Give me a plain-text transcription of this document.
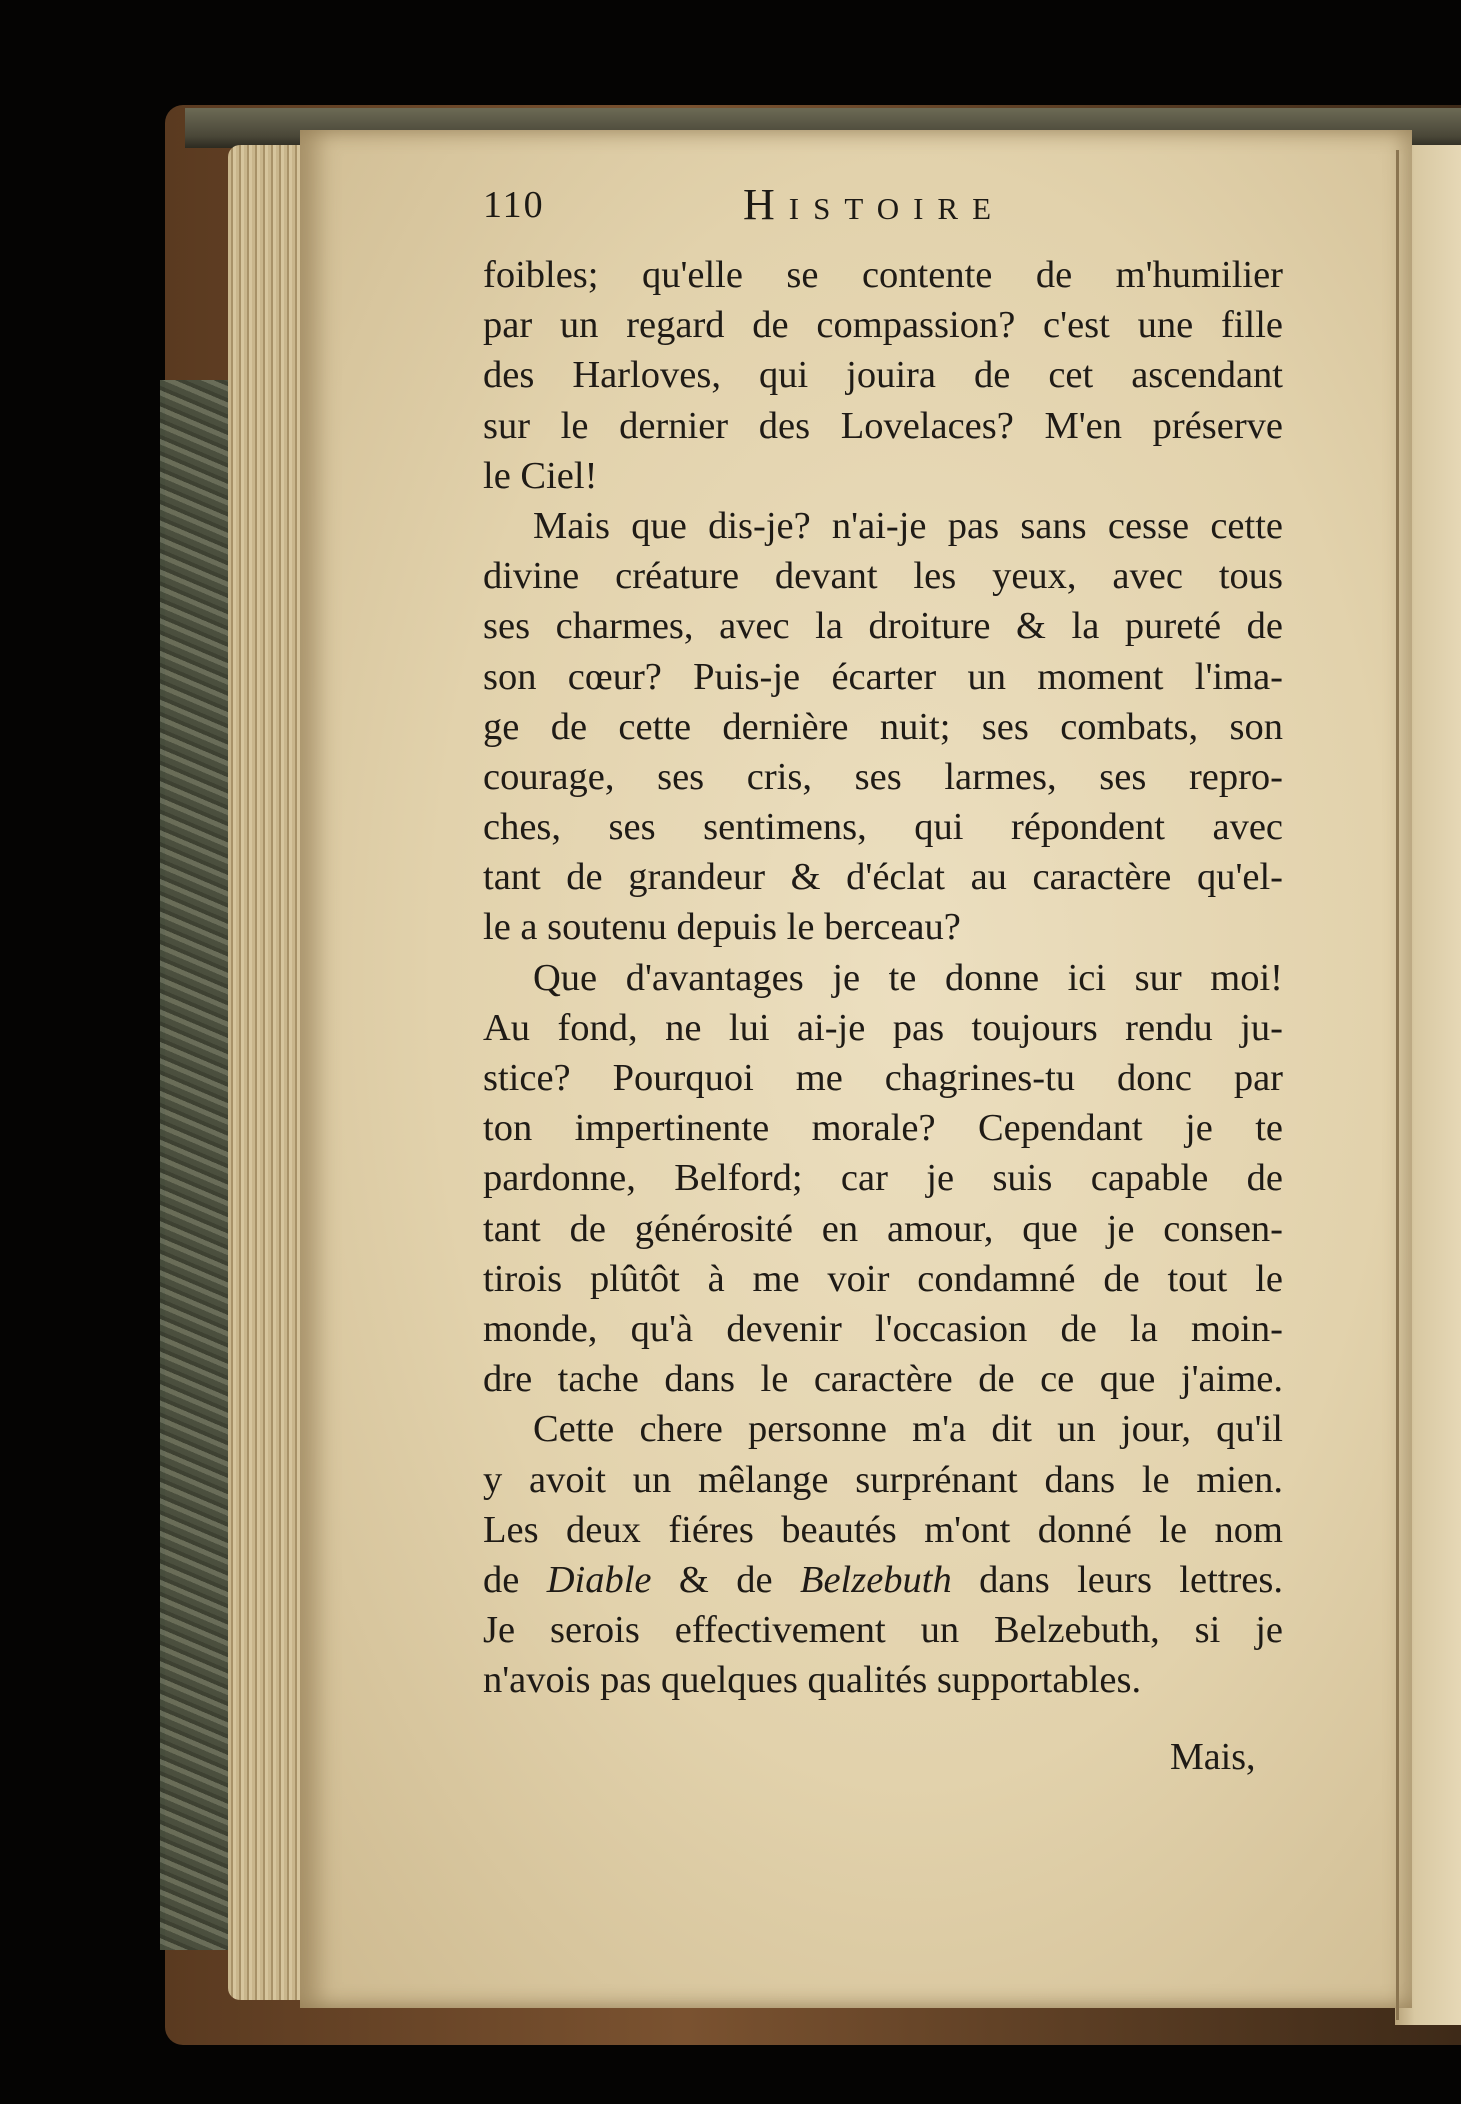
110	Histoire
foibles; qu'elle se contente de m'humilier
par un regard de compassion? c'est une fille
des Harloves, qui jouira de cet ascendant
sur le dernier des Lovelaces? M'en préserve
le Ciel!
Mais que dis-je? n'ai-je pas sans cesse cette
divine créature devant les yeux, avec tous
ses charmes, avec la droiture & la pureté de
son cœur? Puis-je écarter un moment l'ima-
ge de cette dernière nuit; ses combats, son
courage, ses cris, ses larmes, ses repro-
ches, ses sentimens, qui répondent avec
tant de grandeur & d'éclat au caractère qu'el-
le a soutenu depuis le berceau?
Que d'avantages je te donne ici sur moi!
Au fond, ne lui ai-je pas toujours rendu ju-
stice? Pourquoi me chagrines-tu donc par
ton impertinente morale? Cependant je te
pardonne, Belford; car je suis capable de
tant de générosité en amour, que je consen-
tirois plûtôt à me voir condamné de tout le
monde, qu'à devenir l'occasion de la moin-
dre tache dans le caractère de ce que j'aime.
Cette chere personne m'a dit un jour, qu'il
y avoit un mêlange surprénant dans le mien.
Les deux fiéres beautés m'ont donné le nom
de Diable & de Belzebuth dans leurs lettres.
Je serois effectivement un Belzebuth, si je
n'avois pas quelques qualités supportables.
Mais,
